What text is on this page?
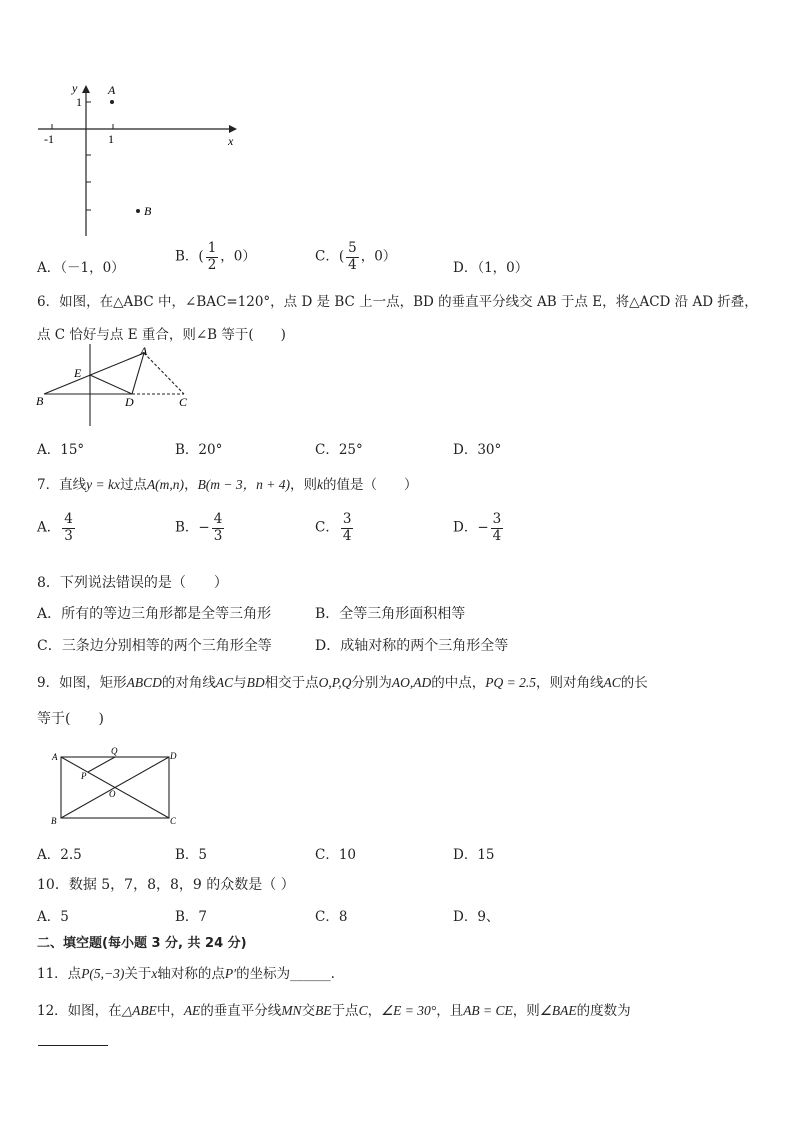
y
1
x
1
-1
A
B
A．（－1，0）
B．( $\frac{1}{2}$ ，0）	C．( $\frac{5}{4}$ ，0）
D．（1，0）
6．如图，在△ABC 中，∠BAC=120°，点 D 是 BC 上一点，BD 的垂直平分线交 AB 于点 E，将△ACD 沿 AD 折叠，
点 C 恰好与点 E 重合，则∠B 等于(　　)
A
E
B	D	C
A．15°	B．20°	C．25°	D．30°
7．直线y = kx过点A(m,n)，B(m − 3，n + 4)，则k的值是（　　）
A． $\frac{4}{3}$	B．− $\frac{4}{3}$	C． $\frac{3}{4}$	D．− $\frac{3}{4}$
8．下列说法错误的是（　　）
A．所有的等边三角形都是全等三角形	B．全等三角形面积相等
C．三条边分别相等的两个三角形全等	D．成轴对称的两个三角形全等
9．如图，矩形ABCD的对角线AC与BD相交于点O,P,Q分别为AO,AD的中点，PQ = 2.5，则对角线AC的长
等于(　　)
A
Q	D
P
O
B	C
A．2.5	B．5	C．10	D．15
10．数据 5，7，8，8，9 的众数是（ ）
A．5	B．7	C．8	D．9、
二、填空题(每小题 3 分, 共 24 分)
11．点P(5,−3)关于x轴对称的点P′的坐标为______.
12．如图，在△ABE中，AE的垂直平分线MN交BE于点C，∠E = 30°，且AB = CE，则∠BAE的度数为
